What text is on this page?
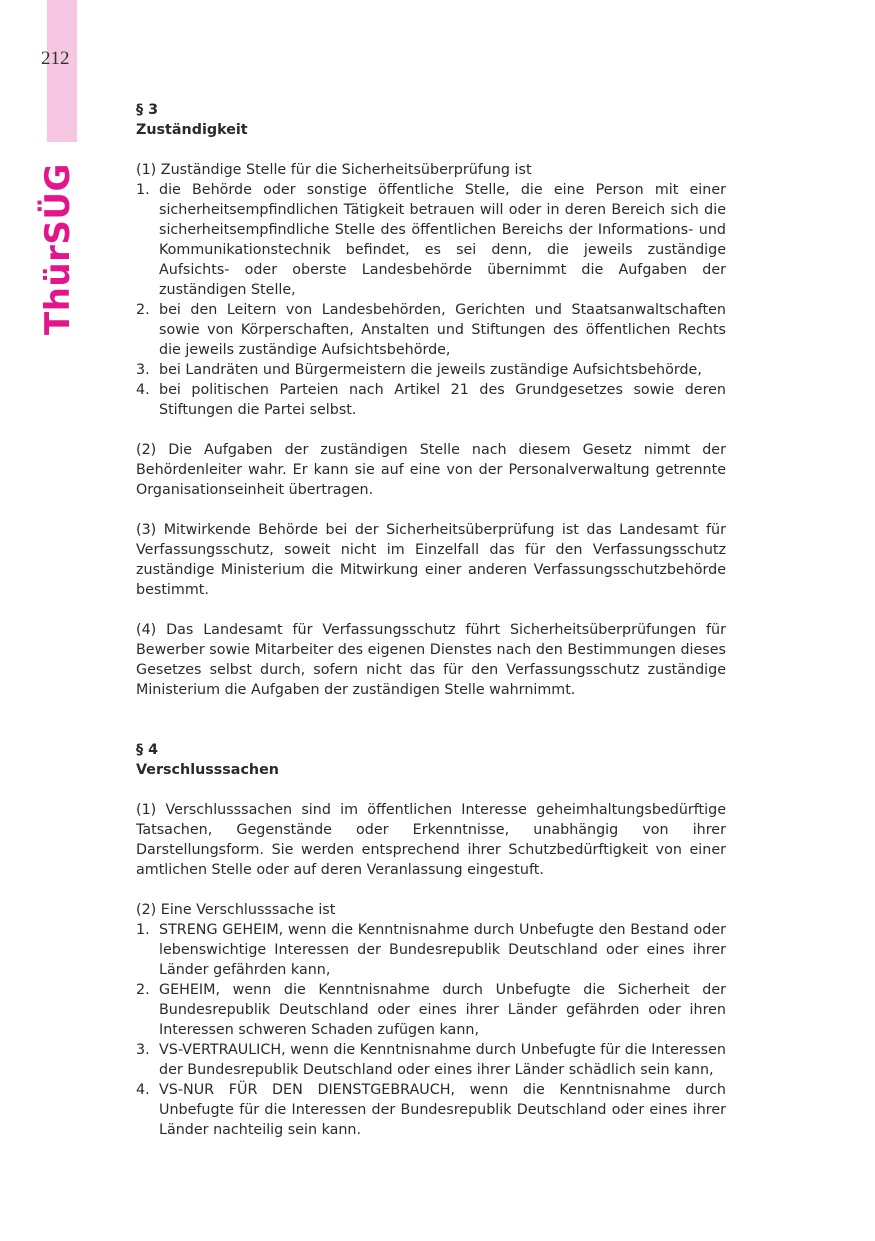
212
ThürSÜG

§ 3

Zuständigkeit

(1) Zuständige Stelle für die Sicherheitsüberprüfung ist

1. die Behörde oder sonstige öffentliche Stelle, die eine Person mit einer sicherheitsempfindlichen Tätigkeit betrauen will oder in deren Bereich sich die sicherheitsempfindliche Stelle des öffentlichen Bereichs der Informations- und Kommunikationstechnik befindet, es sei denn, die jeweils zuständige Aufsichts- oder oberste Landesbehörde übernimmt die Aufgaben der zuständigen Stelle,
2. bei den Leitern von Landesbehörden, Gerichten und Staatsanwaltschaften sowie von Körperschaften, Anstalten und Stiftungen des öffentlichen Rechts die jeweils zuständige Aufsichtsbehörde,
3. bei Landräten und Bürgermeistern die jeweils zuständige Aufsichtsbehörde,
4. bei politischen Parteien nach Artikel 21 des Grundgesetzes sowie deren Stiftungen die Partei selbst.

(2) Die Aufgaben der zuständigen Stelle nach diesem Gesetz nimmt der Behördenleiter wahr. Er kann sie auf eine von der Personalverwaltung getrennte Organisationseinheit übertragen.

(3) Mitwirkende Behörde bei der Sicherheitsüberprüfung ist das Landesamt für Verfassungsschutz, soweit nicht im Einzelfall das für den Verfassungsschutz zuständige Ministerium die Mitwirkung einer anderen Verfassungsschutzbehörde bestimmt.

(4) Das Landesamt für Verfassungsschutz führt Sicherheitsüberprüfungen für Bewerber sowie Mitarbeiter des eigenen Dienstes nach den Bestimmungen dieses Gesetzes selbst durch, sofern nicht das für den Verfassungsschutz zuständige Ministerium die Aufgaben der zuständigen Stelle wahrnimmt.

§ 4

Verschlusssachen

(1) Verschlusssachen sind im öffentlichen Interesse geheimhaltungsbedürftige Tatsachen, Gegenstände oder Erkenntnisse, unabhängig von ihrer Darstellungsform. Sie werden entsprechend ihrer Schutzbedürftigkeit von einer amtlichen Stelle oder auf deren Veranlassung eingestuft.

(2) Eine Verschlusssache ist

1. STRENG GEHEIM, wenn die Kenntnisnahme durch Unbefugte den Bestand oder lebenswichtige Interessen der Bundesrepublik Deutschland oder eines ihrer Länder gefährden kann,
2. GEHEIM, wenn die Kenntnisnahme durch Unbefugte die Sicherheit der Bundesrepublik Deutschland oder eines ihrer Länder gefährden oder ihren Interessen schweren Schaden zufügen kann,
3. VS-VERTRAULICH, wenn die Kenntnisnahme durch Unbefugte für die Interessen der Bundesrepublik Deutschland oder eines ihrer Länder schädlich sein kann,
4. VS-NUR FÜR DEN DIENSTGEBRAUCH, wenn die Kenntnisnahme durch Unbefugte für die Interessen der Bundesrepublik Deutschland oder eines ihrer Länder nachteilig sein kann.
